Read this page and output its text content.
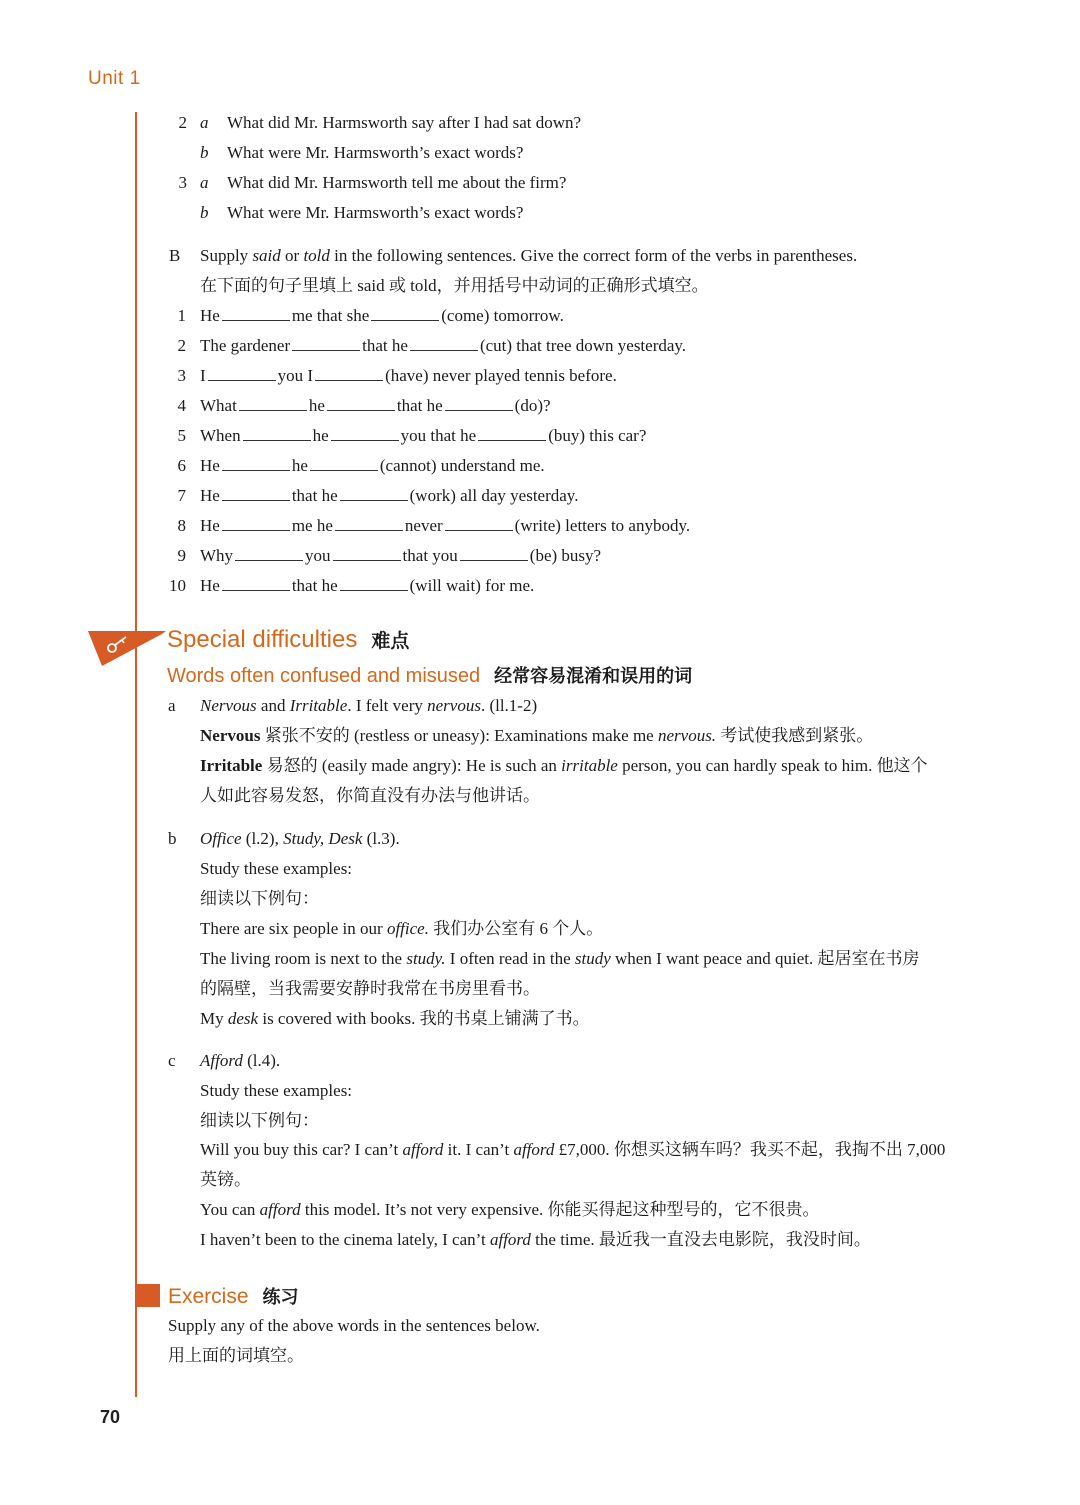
Unit 1
70
2 a What did Mr. Harmsworth say after I had sat down?
b What were Mr. Harmsworth’s exact words?
3 a What did Mr. Harmsworth tell me about the firm?
b What were Mr. Harmsworth’s exact words?
B Supply said or told in the following sentences. Give the correct form of the verbs in parentheses.
在下面的句子里填上 said 或 told，并用括号中动词的正确形式填空。
1 He	me that she	(come) tomorrow.
2 The gardener	that he	(cut) that tree down yesterday.
3 I	you I	(have) never played tennis before.
4 What	he	that he	(do)?
5 When	he	you that he	(buy) this car?
6 He	he	(cannot) understand me.
7 He	that he	(work) all day yesterday.
8 He	me he	never	(write) letters to anybody.
9 Why	you	that you	(be) busy?
10 He	that he	(will wait) for me.
Special difficulties 难点
Words often confused and misused 经常容易混淆和误用的词
a Nervous and Irritable. I felt very nervous. (ll.1-2)
Nervous 紧张不安的 (restless or uneasy): Examinations make me nervous. 考试使我感到紧张。
Irritable 易怒的 (easily made angry): He is such an irritable person, you can hardly speak to him. 他这个
人如此容易发怒，你简直没有办法与他讲话。
b Office (l.2), Study, Desk (l.3).
Study these examples:
细读以下例句：
There are six people in our office. 我们办公室有 6 个人。
The living room is next to the study. I often read in the study when I want peace and quiet. 起居室在书房
的隔壁，当我需要安静时我常在书房里看书。
My desk is covered with books. 我的书桌上铺满了书。
c Afford (l.4).
Study these examples:
细读以下例句：
Will you buy this car? I can’t afford it. I can’t afford £7,000. 你想买这辆车吗？我买不起，我掏不出 7,000
英镑。
You can afford this model. It’s not very expensive. 你能买得起这种型号的，它不很贵。
I haven’t been to the cinema lately, I can’t afford the time. 最近我一直没去电影院，我没时间。
Exercise 练习
Supply any of the above words in the sentences below.
用上面的词填空。
